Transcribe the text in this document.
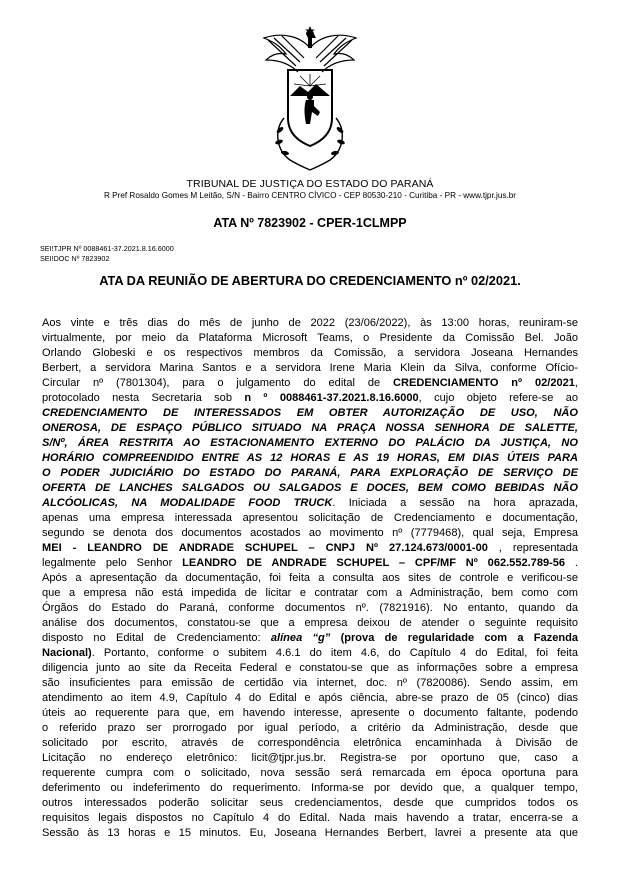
TRIBUNAL DE JUSTIÇA DO ESTADO DO PARANÁ
R Pref Rosaldo Gomes M Leitão, S/N - Bairro CENTRO CÍVICO - CEP 80530-210 - Curitiba - PR - www.tjpr.jus.br
ATA Nº 7823902 - CPER-1CLMPP
SEI!TJPR Nº 0088461-37.2021.8.16.6000
SEI!DOC Nº 7823902
ATA DA REUNIÃO DE ABERTURA DO CREDENCIAMENTO nº 02/2021.
Aos vinte e três dias do mês de junho de 2022 (23/06/2022), às 13:00 horas, reuniram-se
virtualmente, por meio da Plataforma Microsoft Teams, o Presidente da Comissão Bel. João
Orlando Globeski e os respectivos membros da Comissão, a servidora Joseana Hernandes
Berbert, a servidora Marina Santos e a servidora Irene Maria Klein da Silva, conforme Ofício-
Circular nº (7801304), para o julgamento do edital de CREDENCIAMENTO nº 02/2021,
protocolado nesta Secretaria sob n º 0088461-37.2021.8.16.6000, cujo objeto refere-se ao
CREDENCIAMENTO DE INTERESSADOS EM OBTER AUTORIZAÇÃO DE USO, NÃO
ONEROSA, DE ESPAÇO PÚBLICO SITUADO NA PRAÇA NOSSA SENHORA DE SALETTE,
S/Nº, ÁREA RESTRITA AO ESTACIONAMENTO EXTERNO DO PALÁCIO DA JUSTIÇA, NO
HORÁRIO COMPREENDIDO ENTRE AS 12 HORAS E AS 19 HORAS, EM DIAS ÚTEIS PARA
O PODER JUDICIÁRIO DO ESTADO DO PARANÁ, PARA EXPLORAÇÃO DE SERVIÇO DE
OFERTA DE LANCHES SALGADOS OU SALGADOS E DOCES, BEM COMO BEBIDAS NÃO
ALCÓOLICAS, NA MODALIDADE FOOD TRUCK. Iniciada a sessão na hora aprazada,
apenas uma empresa interessada apresentou solicitação de Credenciamento e documentação,
segundo se denota dos documentos acostados ao movimento nº (7779468), qual seja, Empresa
MEI - LEANDRO DE ANDRADE SCHUPEL – CNPJ Nº 27.124.673/0001-00 , representada
legalmente pelo Senhor LEANDRO DE ANDRADE SCHUPEL – CPF/MF Nº 062.552.789-56 .
Após a apresentação da documentação, foi feita a consulta aos sites de controle e verificou-se
que a empresa não está impedida de licitar e contratar com a Administração, bem como com
Órgãos do Estado do Paraná, conforme documentos nº. (7821916). No entanto, quando da
análise dos documentos, constatou-se que a empresa deixou de atender o seguinte requisito
disposto no Edital de Credenciamento: alínea “g” (prova de regularidade com a Fazenda
Nacional). Portanto, conforme o subitem 4.6.1 do item 4.6, do Capítulo 4 do Edital, foi feita
diligencia junto ao site da Receita Federal e constatou-se que as informações sobre a empresa
são insuficientes para emissão de certidão via internet, doc. nº (7820086). Sendo assim, em
atendimento ao item 4.9, Capítulo 4 do Edital e após ciência, abre-se prazo de 05 (cinco) dias
úteis ao requerente para que, em havendo interesse, apresente o documento faltante, podendo
o referido prazo ser prorrogado por igual período, a critério da Administração, desde que
solicitado por escrito, através de correspondência eletrônica encaminhada à Divisão de
Licitação no endereço eletrônico: licit@tjpr.jus.br. Registra-se por oportuno que, caso a
requerente cumpra com o solicitado, nova sessão será remarcada em época oportuna para
deferimento ou indeferimento do requerimento. Informa-se por devido que, a qualquer tempo,
outros interessados poderão solicitar seus credenciamentos, desde que cumpridos todos os
requisitos legais dispostos no Capítulo 4 do Edital. Nada mais havendo a tratar, encerra-se a
Sessão às 13 horas e 15 minutos. Eu, Joseana Hernandes Berbert, lavrei a presente ata que
